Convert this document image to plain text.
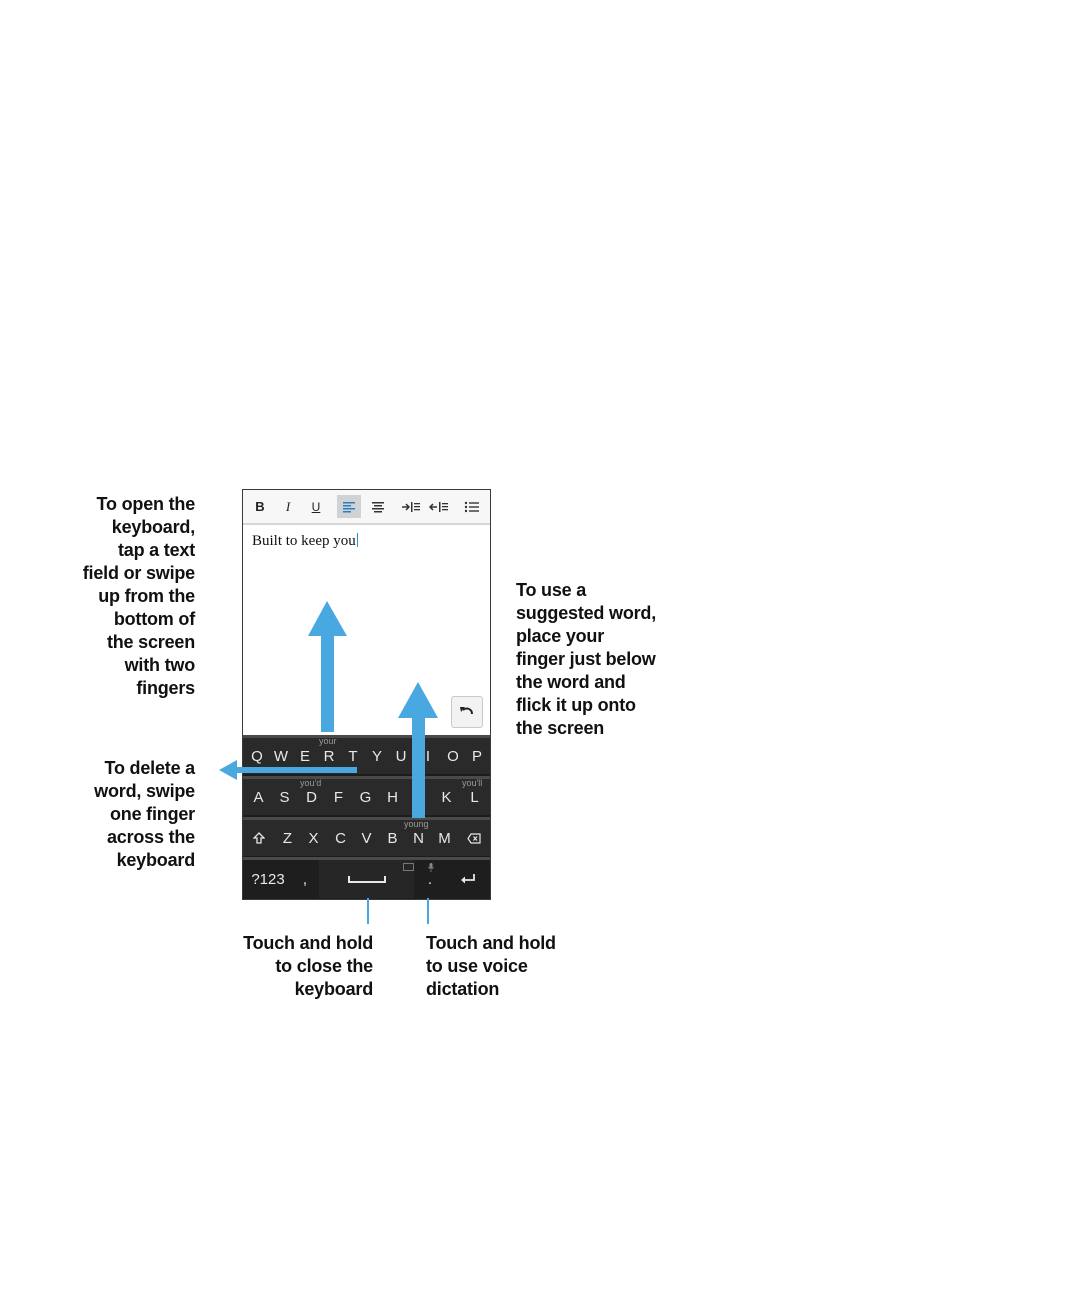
To open the
keyboard,
tap a text
field or swipe
up from the
bottom of
the screen
with two
fingers
To use a
suggested word,
place your
finger just below
the word and
flick it up onto
the screen
To delete a
word, swipe
one finger
across the
keyboard
Touch and hold
to close the
keyboard
Touch and hold
to use voice
dictation
B	I	U
Built to keep you
Q W E R T Y U	I	O P
your
A	S	D	F	G	H	K	L
you'd	you'll
Z	X	C	V	B	N M
young
?123	,	.
